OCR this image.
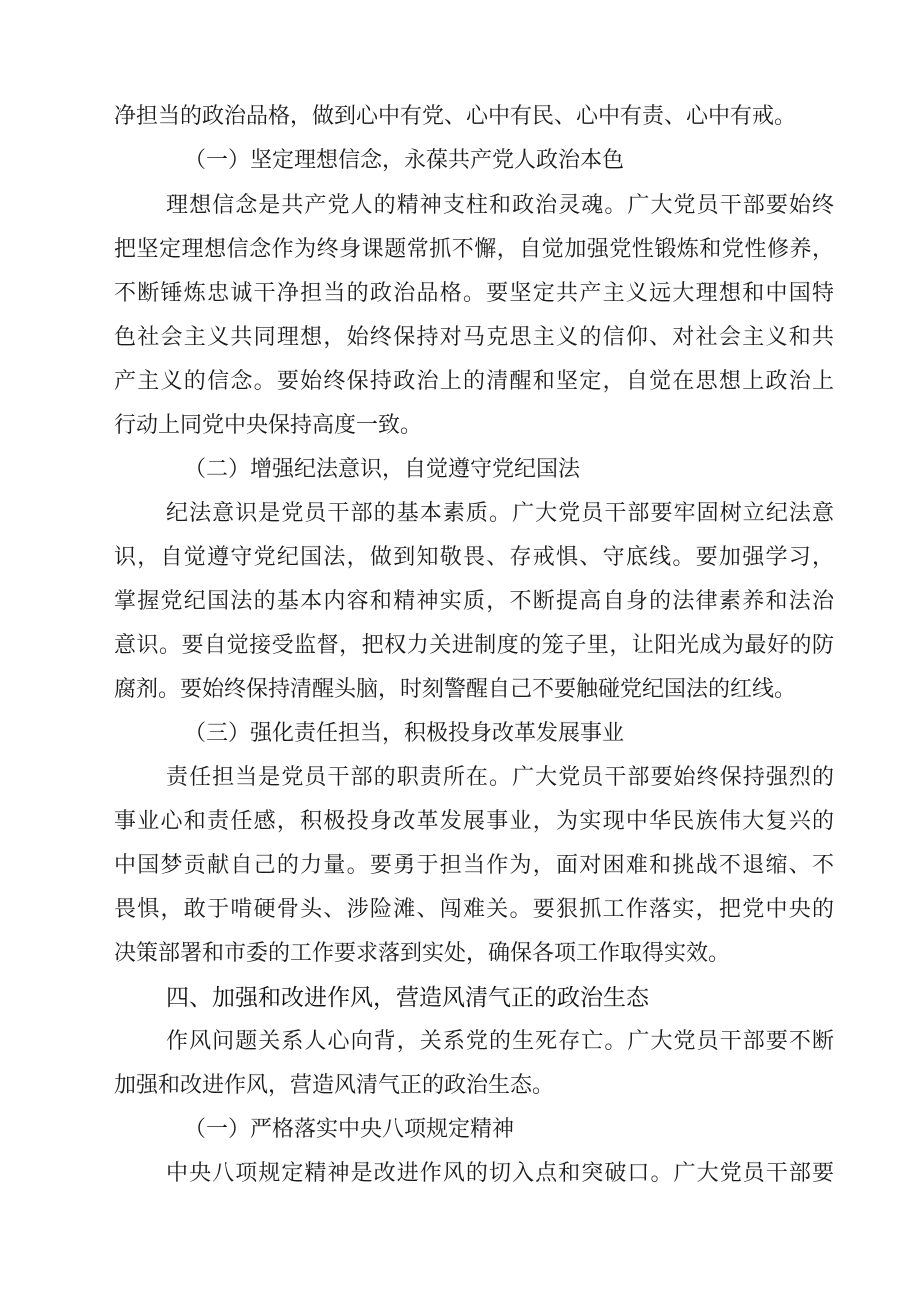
净担当的政治品格，做到心中有党、心中有民、心中有责、心中有戒。
（一）坚定理想信念，永葆共产党人政治本色
理想信念是共产党人的精神支柱和政治灵魂。广大党员干部要始终
把坚定理想信念作为终身课题常抓不懈，自觉加强党性锻炼和党性修养，
不断锤炼忠诚干净担当的政治品格。要坚定共产主义远大理想和中国特
色社会主义共同理想，始终保持对马克思主义的信仰、对社会主义和共
产主义的信念。要始终保持政治上的清醒和坚定，自觉在思想上政治上
行动上同党中央保持高度一致。
（二）增强纪法意识，自觉遵守党纪国法
纪法意识是党员干部的基本素质。广大党员干部要牢固树立纪法意
识，自觉遵守党纪国法，做到知敬畏、存戒惧、守底线。要加强学习，
掌握党纪国法的基本内容和精神实质，不断提高自身的法律素养和法治
意识。要自觉接受监督，把权力关进制度的笼子里，让阳光成为最好的防
腐剂。要始终保持清醒头脑，时刻警醒自己不要触碰党纪国法的红线。
（三）强化责任担当，积极投身改革发展事业
责任担当是党员干部的职责所在。广大党员干部要始终保持强烈的
事业心和责任感，积极投身改革发展事业，为实现中华民族伟大复兴的
中国梦贡献自己的力量。要勇于担当作为，面对困难和挑战不退缩、不
畏惧，敢于啃硬骨头、涉险滩、闯难关。要狠抓工作落实，把党中央的
决策部署和市委的工作要求落到实处，确保各项工作取得实效。
四、加强和改进作风，营造风清气正的政治生态
作风问题关系人心向背，关系党的生死存亡。广大党员干部要不断
加强和改进作风，营造风清气正的政治生态。
（一）严格落实中央八项规定精神
中央八项规定精神是改进作风的切入点和突破口。广大党员干部要
